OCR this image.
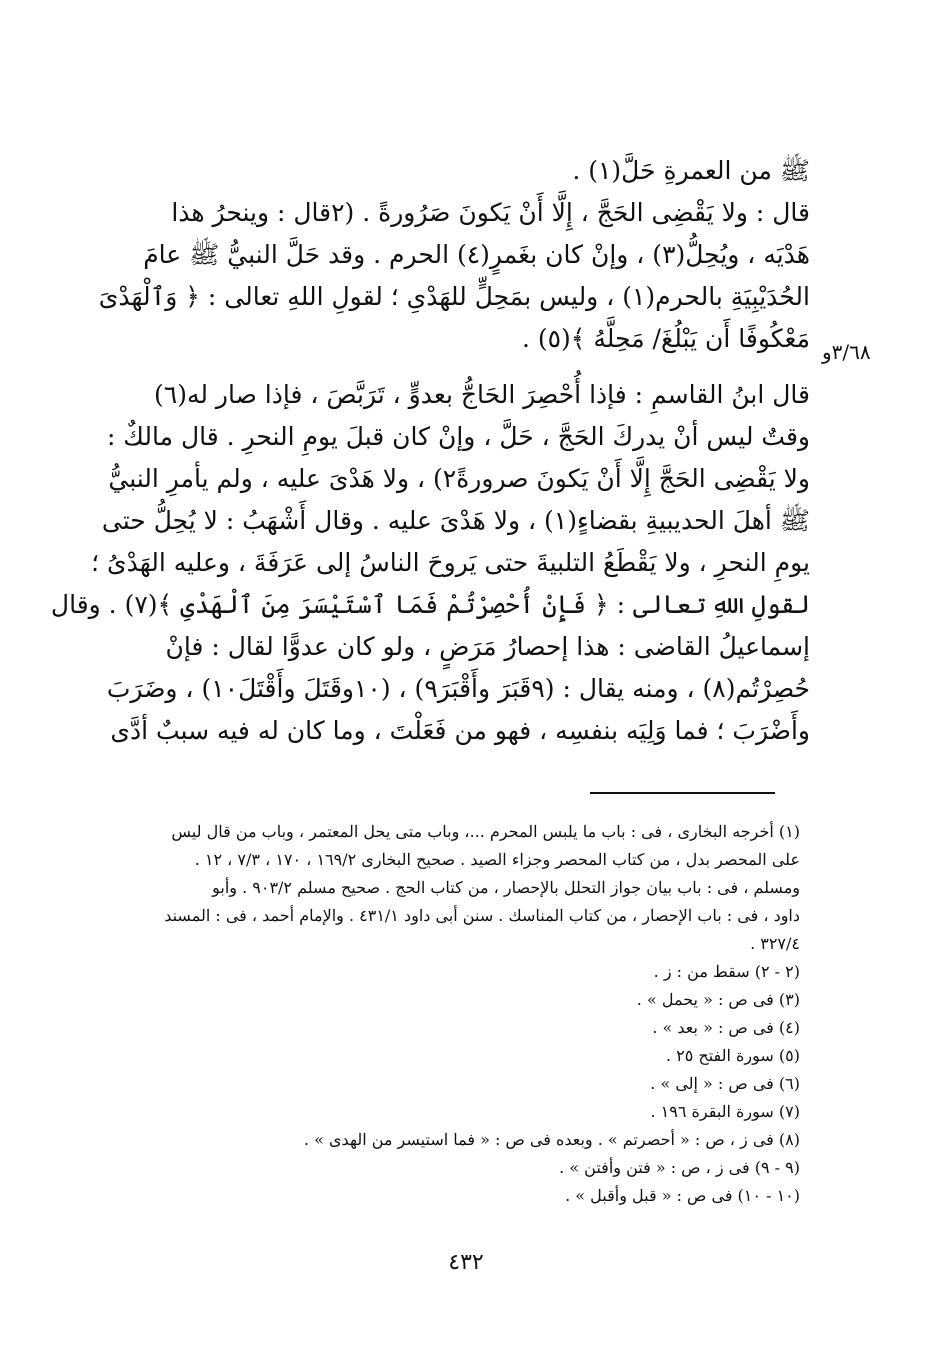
ﷺ من العمرةِ حَلَّ(١) .
قال : ولا يَقْضِى الحَجَّ ، إِلَّا أَنْ يَكونَ صَرُورةً . (٢قال : وينحرُ هذا
هَدْيَه ، ويُحِلُّ(٣) ، وإنْ كان بغَمرٍ(٤) الحرم . وقد حَلَّ النبيُّ ﷺ عامَ
الحُدَيْبِيَةِ بالحرم(١) ، وليس بمَحِلٍّ للهَدْىِ ؛ لقولِ اللهِ تعالى : ﴿ وَٱلْهَدْىَ
مَعْكُوفًا أَن يَبْلُغَ/ مَحِلَّهُ ﴾(٥) .
قال ابنُ القاسمِ : فإذا أُحْصِرَ الحَاجُّ بعدوٍّ ، تَرَبَّصَ ، فإذا صار له(٦)
وقتٌ ليس أنْ يدركَ الحَجَّ ، حَلَّ ، وإنْ كان قبلَ يومِ النحرِ . قال مالكٌ :
ولا يَقْضِى الحَجَّ إِلَّا أَنْ يَكونَ صرورةً٢) ، ولا هَدْىَ عليه ، ولم يأمرِ النبيُّ
ﷺ أهلَ الحديبيةِ بقضاءٍ(١) ، ولا هَدْىَ عليه . وقال أَشْهَبُ : لا يُحِلُّ حتى
يومِ النحرِ ، ولا يَقْطَعُ التلبيةَ حتى يَروحَ الناسُ إلى عَرَفَةَ ، وعليه الهَدْىُ ؛
لقولِ اللهِ تعالى : ﴿ فَإِنْ أُحْصِرْتُمْ فَمَا ٱسْتَيْسَرَ مِنَ ٱلْهَدْىِ ﴾(٧) . وقال
إسماعيلُ القاضى : هذا إحصارُ مَرَضٍ ، ولو كان عدوًّا لقال : فإنْ
حُصِرْتُم(٨) ، ومنه يقال : (٩قَبَرَ وأَقْبَرَ٩) ، (١٠وقَتَلَ وأَقْتَلَ١٠) ، وضَرَبَ
وأَضْرَبَ ؛ فما وَلِيَه بنفسِه ، فهو من فَعَلْتَ ، وما كان له فيه سببٌ أدَّى
٣/٦٨و
(١) أخرجه البخارى ، فى : باب ما يلبس المحرم ...، وباب متى يحل المعتمر ، وباب من قال ليس
على المحصر بدل ، من كتاب المحصر وجزاء الصيد . صحيح البخارى ١٦٩/٢ ، ١٧٠ ، ٧/٣ ، ١٢ .
ومسلم ، فى : باب بيان جواز التحلل بالإحصار ، من كتاب الحج . صحيح مسلم ٩٠٣/٢ . وأبو
داود ، فى : باب الإحصار ، من كتاب المناسك . سنن أبى داود ٤٣١/١ . والإمام أحمد ، فى : المسند
٣٢٧/٤ .
(٢ - ٢) سقط من : ز .
(٣) فى ص : « يحمل » .
(٤) فى ص : « بعد » .
(٥) سورة الفتح ٢٥ .
(٦) فى ص : « إلى » .
(٧) سورة البقرة ١٩٦ .
(٨) فى ز ، ص : « أحصرتم » . وبعده فى ص : « فما استيسر من الهدى » .
(٩ - ٩) فى ز ، ص : « فتن وأفتن » .
(١٠ - ١٠) فى ص : « قبل وأقبل » .
٤٣٢
